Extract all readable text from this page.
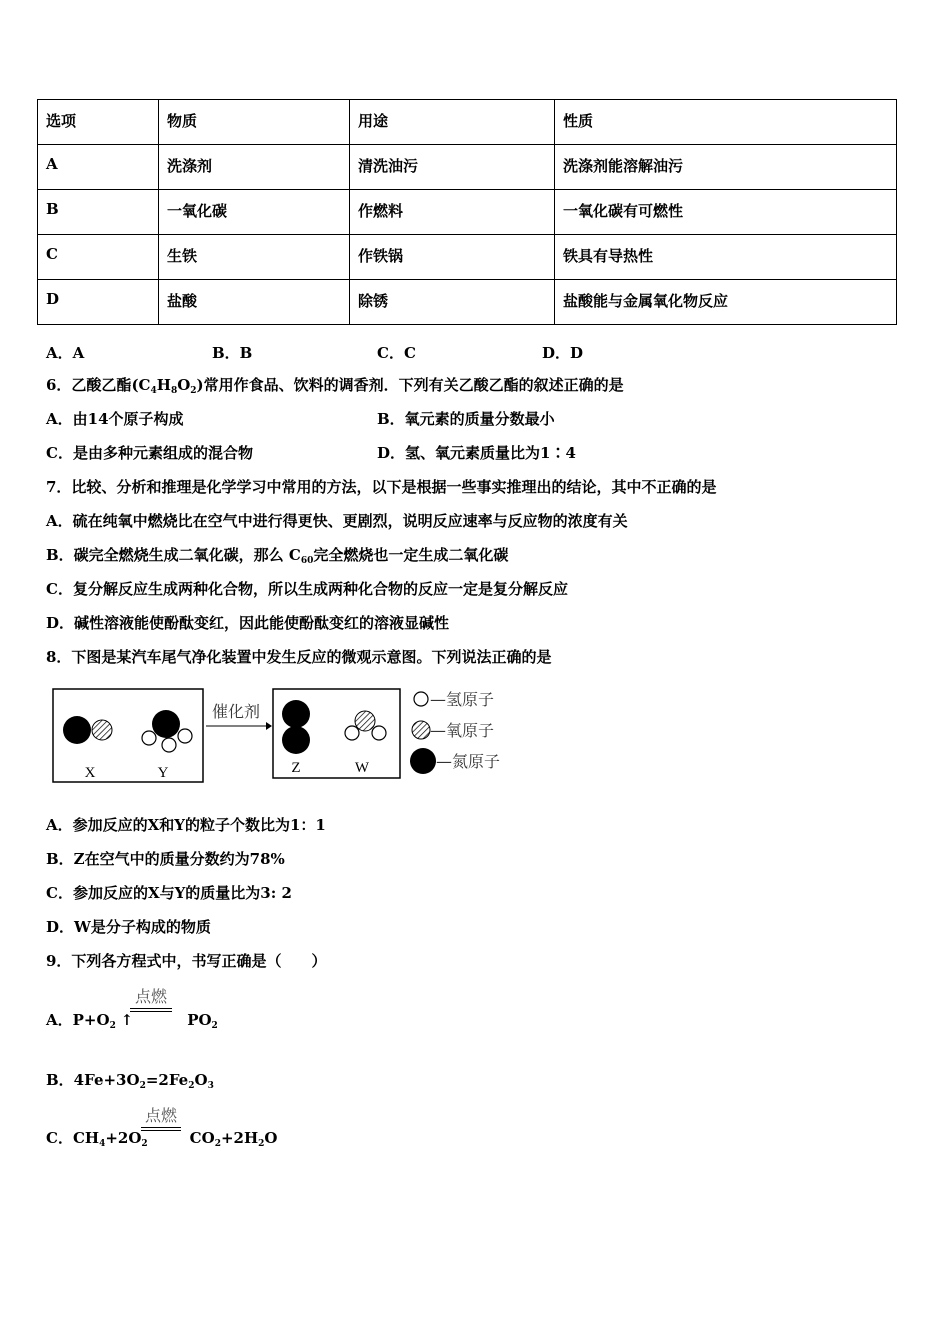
选项	物质	用途	性质
A	洗涤剂	清洗油污	洗涤剂能溶解油污
B	一氧化碳	作燃料	一氧化碳有可燃性
C	生铁	作铁锅	铁具有导热性
D	盐酸	除锈	盐酸能与金属氧化物反应
A．A	B．B	C．C	D．D
6．乙酸乙酯$(C_4H_8O_2)$常用作食品、饮料的调香剂．下列有关乙酸乙酯的叙述正确的是
A．由14个原子构成	B．氧元素的质量分数最小
C．是由多种元素组成的混合物	D．氢、氧元素质量比为1∶4
7．比较、分析和推理是化学学习中常用的方法，以下是根据一些事实推理出的结论，其中不正确的是
A．硫在纯氧中燃烧比在空气中进行得更快、更剧烈，说明反应速率与反应物的浓度有关
B．碳完全燃烧生成二氧化碳，那么 $C_{60}$完全燃烧也一定生成二氧化碳
C．复分解反应生成两种化合物，所以生成两种化合物的反应一定是复分解反应
D．碱性溶液能使酚酞变红，因此能使酚酞变红的溶液显碱性
8．下图是某汽车尾气净化装置中发生反应的微观示意图。下列说法正确的是
X	Y
催化剂
Z	W
—氢原子
—氧原子
—氮原子
A．参加反应的X和Y的粒子个数比为1：1
B．Z在空气中的质量分数约为78%
C．参加反应的X与Y的质量比为3: 2
D．W是分子构成的物质
9．下列各方程式中，书写正确是（　　）
点燃
A．$P+O_2$ ↑	$PO_2$
B．$4Fe+3O_2=2Fe_2O_3$
点燃
C．$CH_4+2O_2$	$CO_2+2H_2O$
